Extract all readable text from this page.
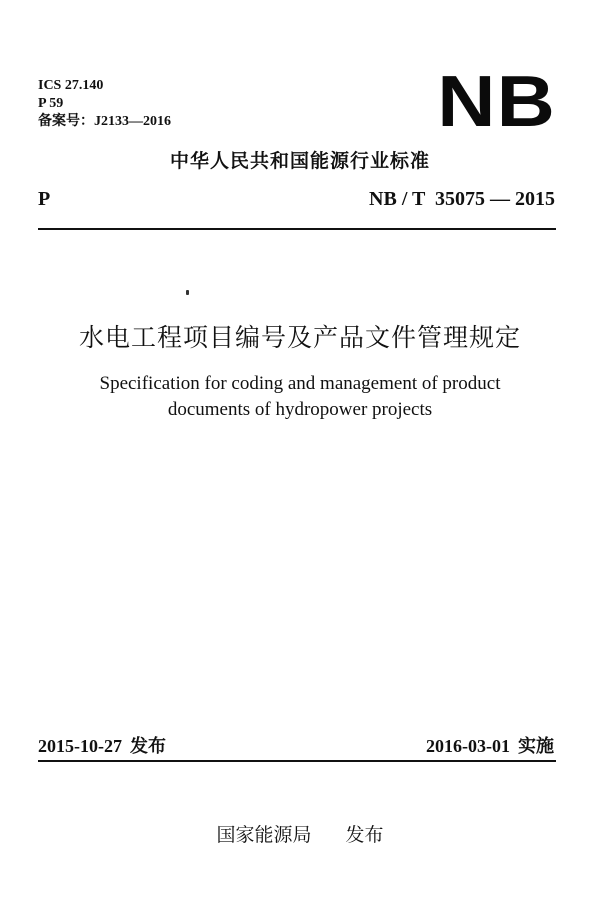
ICS 27.140
P 59
备案号：J2133—2016	NB
中华人民共和国能源行业标准
P	NB / T  35075 — 2015
水电工程项目编号及产品文件管理规定
Specification for coding and management of product
documents of hydropower projects
2015-10-27 发布	2016-03-01 实施
国家能源局 发布
